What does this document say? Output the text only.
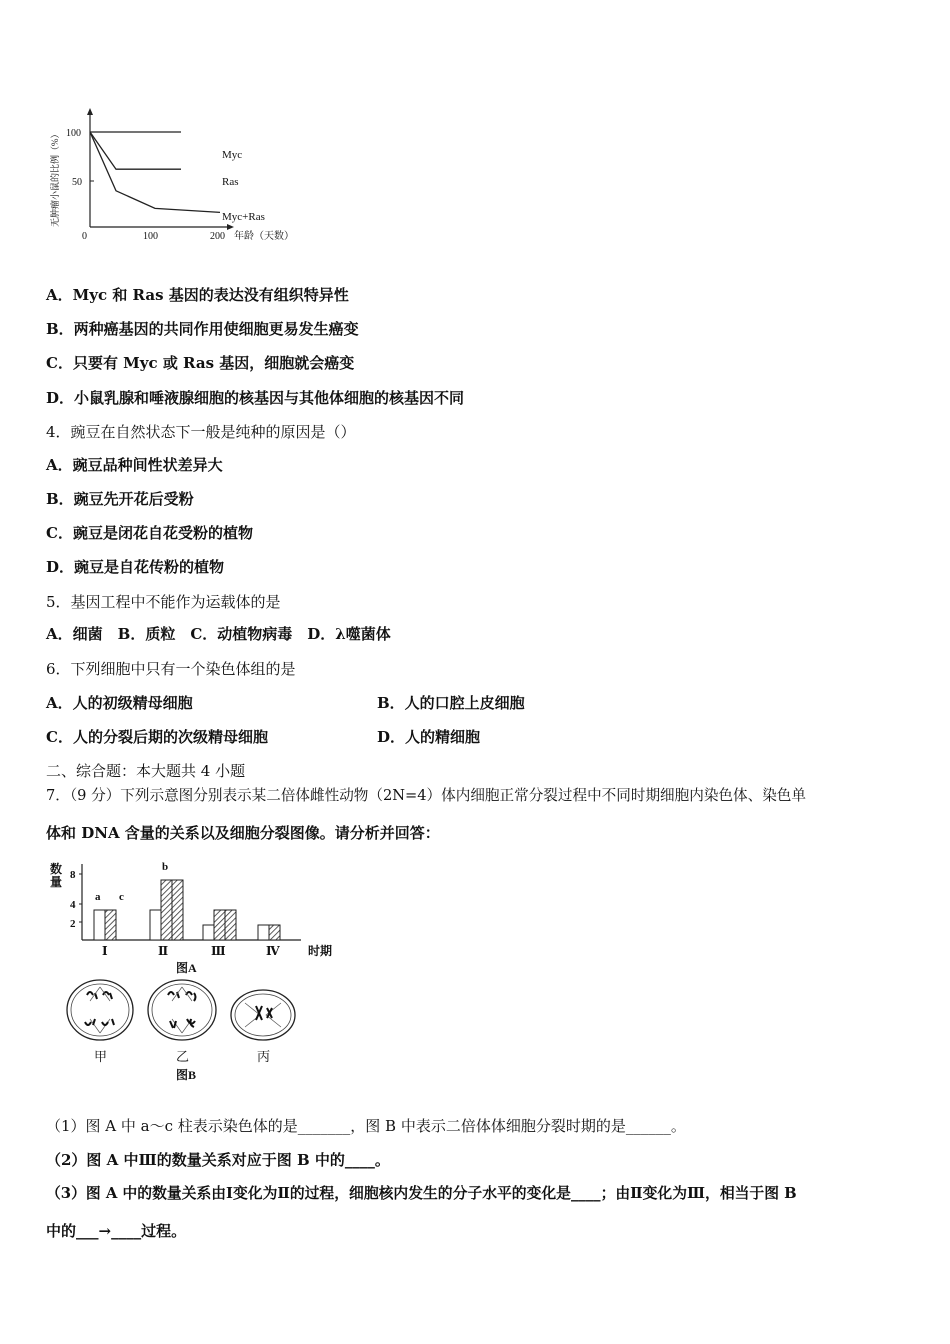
无肿瘤小鼠的比例（%） 100
50
0	100	200 年龄（天数）
Myc
Ras
Myc+Ras
A．Myc 和 Ras 基因的表达没有组织特异性
B．两种癌基因的共同作用使细胞更易发生癌变
C．只要有 Myc 或 Ras 基因，细胞就会癌变
D．小鼠乳腺和唾液腺细胞的核基因与其他体细胞的核基因不同
4．豌豆在自然状态下一般是纯种的原因是（）
A．豌豆品种间性状差异大
B．豌豆先开花后受粉
C．豌豆是闭花自花受粉的植物
D．豌豆是自花传粉的植物
5．基因工程中不能作为运载体的是
A．细菌　B．质粒　C．动植物病毒　D．λ噬菌体
6．下列细胞中只有一个染色体组的是
A．人的初级精母细胞	B．人的口腔上皮细胞
C．人的分裂后期的次级精母细胞	D．人的精细胞
二、综合题：本大题共 4 小题
7．（9 分）下列示意图分别表示某二倍体雌性动物（2N=4）体内细胞正常分裂过程中不同时期细胞内染色体、染色单
体和 DNA 含量的关系以及细胞分裂图像。请分析并回答：
数
量 8
4
2
Ⅰ	Ⅱ	Ⅲ	Ⅳ
a
b
c
时期
图A
甲	乙	丙
图B
（1）图 A 中 a～c 柱表示染色体的是_______，图 B 中表示二倍体体细胞分裂时期的是______。
（2）图 A 中Ⅲ的数量关系对应于图 B 中的____。
（3）图 A 中的数量关系由Ⅰ变化为Ⅱ的过程，细胞核内发生的分子水平的变化是____；由Ⅱ变化为Ⅲ，相当于图 B
中的___→____过程。
